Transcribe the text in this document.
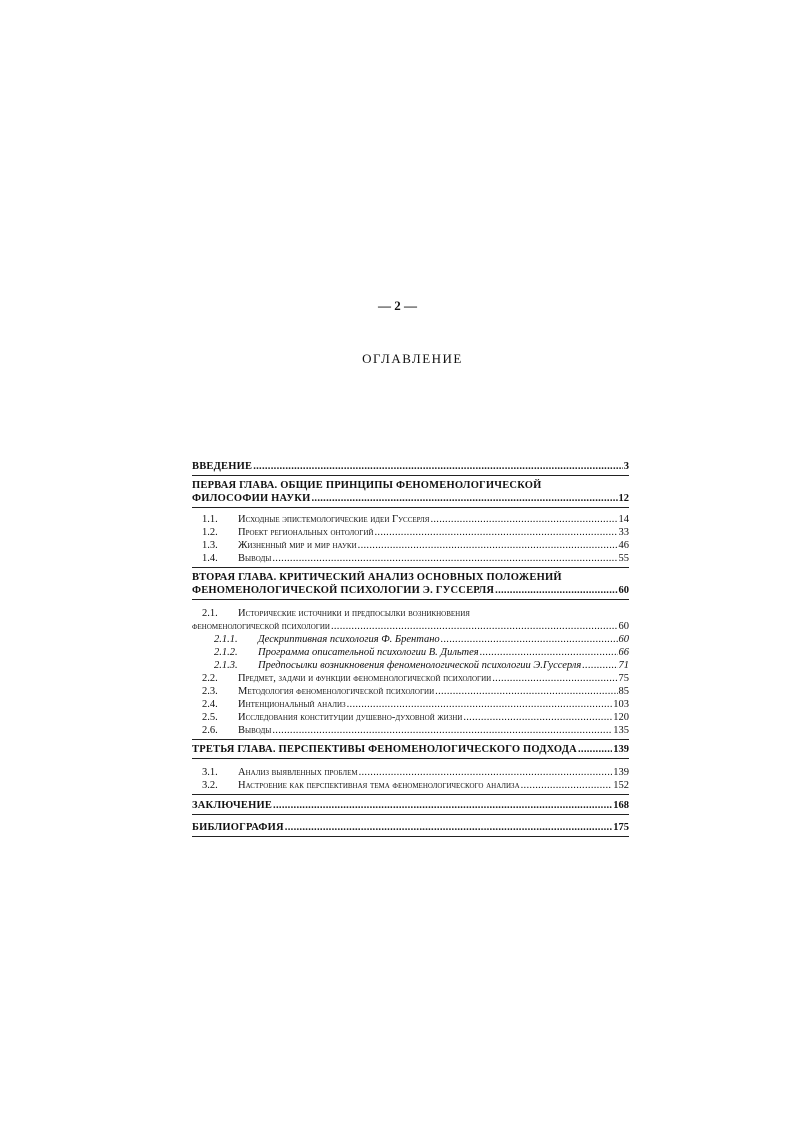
— 2 —
ОГЛАВЛЕНИЕ
ВВЕДЕНИЕ .....	3
ПЕРВАЯ ГЛАВА. ОБЩИЕ ПРИНЦИПЫ ФЕНОМЕНОЛОГИЧЕСКОЙ
ФИЛОСОФИИ НАУКИ .....	12
1.1.	Исходные эпистемологические идеи Гуссерля .....	14
1.2.	Проект региональных онтологий .....	33
1.3.	Жизненный мир и мир науки .....	46
1.4.	Выводы .....	55
ВТОРАЯ ГЛАВА. КРИТИЧЕСКИЙ АНАЛИЗ ОСНОВНЫХ ПОЛОЖЕНИЙ
ФЕНОМЕНОЛОГИЧЕСКОЙ ПСИХОЛОГИИ Э. ГУССЕРЛЯ .....	60
2.1. Исторические источники и предпосылки возникновения
феноменологической психологии .....	60
2.1.1.	Дескриптивная психология Ф. Брентано .....	60
2.1.2.	Программа описательной психологии В. Дильтея .....	66
2.1.3.	Предпосылки возникновения феноменологической психологии Э.Гуссерля .....	71
2.2.	Предмет, задачи и функции феноменологической психологии .....	75
2.3.	Методология феноменологической психологии .....	85
2.4.	Интенциональный анализ .....	103
2.5.	Исследования конституции душевно-духовной жизни .....	120
2.6.	Выводы .....	135
ТРЕТЬЯ ГЛАВА. ПЕРСПЕКТИВЫ ФЕНОМЕНОЛОГИЧЕСКОГО ПОДХОДА .....	139
3.1.	Анализ выявленных проблем .....	139
3.2.	Настроение как перспективная тема феноменологического анализа .....	152
ЗАКЛЮЧЕНИЕ .....	168
БИБЛИОГРАФИЯ .....	175
